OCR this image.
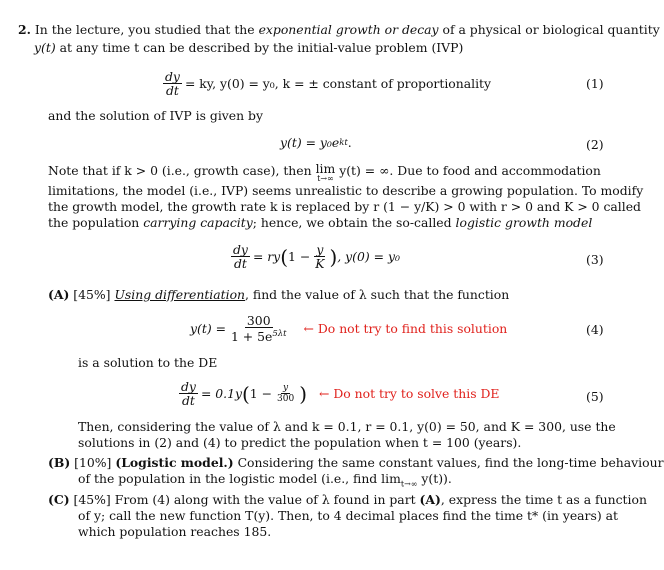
2. In the lecture, you studied that the exponential growth or decay of a physical or biological quantity
y(t) at any time t can be described by the initial-value problem (IVP)
$\frac{dy}{dt}$ = ky, y(0) = y₀, k = ± constant of proportionality	(1)
and the solution of IVP is given by
y(t) = y₀e kt .	(2)
Note that if k > 0 (i.e., growth case), then lim
t→∞
y(t) = ∞. Due to food and accommodation
limitations, the model (i.e., IVP) seems unrealistic to describe a growing population. To modify
the growth model, the growth rate k is replaced by r (1 − y/K) > 0 with r > 0 and K > 0 called
the population carrying capacity; hence, we obtain the so-called logistic growth model
$\frac{dy}{dt}$ = ry ( $1 - \frac{y}{K}$ ) , y(0) = y₀	(3)
(A) [45%] Using differentiation, find the value of λ such that the function
$y(t) = \frac{300}{1 + 5e^{5\lambda t}}$ ← Do not try to find this solution	(4)
is a solution to the DE
$\frac{dy}{dt} = 0.1y$ ( $1 - \frac{y}{300}$ ) ← Do not try to solve this DE	(5)
Then, considering the value of λ and k = 0.1, r = 0.1, y(0) = 50, and K = 300, use the
solutions in (2) and (4) to predict the population when t = 100 (years).
(B) [10%] (Logistic model.) Considering the same constant values, find the long-time behaviour
of the population in the logistic model (i.e., find $\lim_{t\to\infty} y(t)$).
(C) [45%] From (4) along with the value of λ found in part (A), express the time t as a function
of y; call the new function T(y). Then, to 4 decimal places find the time t* (in years) at
which population reaches 185.
